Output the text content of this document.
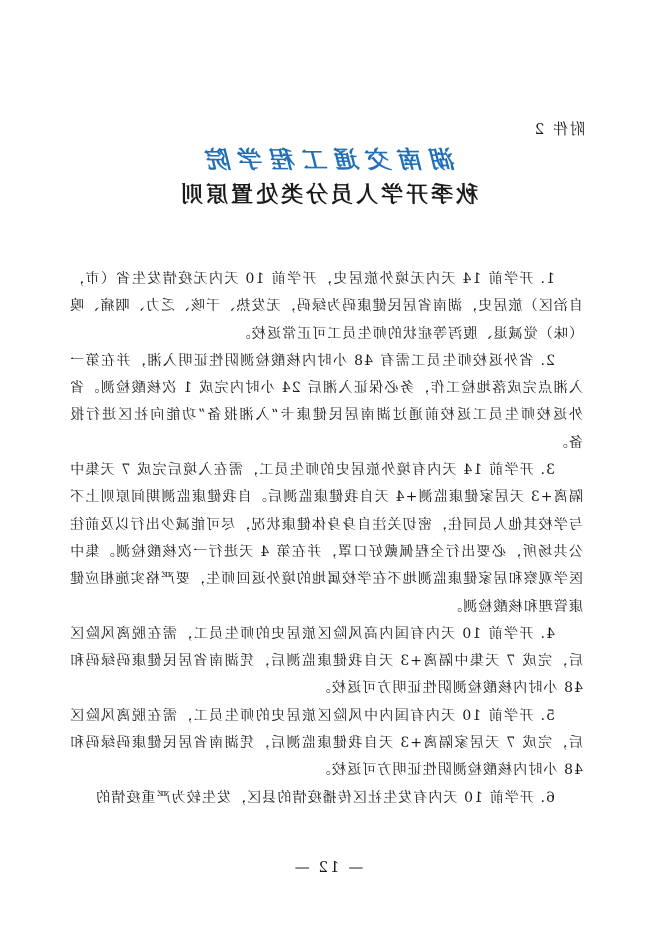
附件 2
湖南交通工程学院
秋季开学人员分类处置原则

1. 开学前 14 天内无境外旅居史，开学前 10 天内无疫情发生省（市，自治区）旅居史，湖南省居民健康码为绿码，无发热、干咳、乏力、咽痛、嗅（味）觉减退、腹泻等症状的师生员工可正常返校。

2. 省外返校师生员工需有 48 小时内核酸检测阴性证明入湘，并在第一入湘点完成落地检工作，务必保证入湘后 24 小时内完成 1 次核酸检测。省外返校师生员工返校前通过湖南居民健康卡“入湘报备”功能向社区进行报备。

3. 开学前 14 天内有境外旅居史的师生员工，需在入境后完成 7 天集中隔离+3 天居家健康监测+4 天自我健康监测后。自我健康监测期间原则上不与学校其他人员同住，密切关注自身身体健康状况，尽可能减少出行以及前往公共场所，必要出行全程佩戴好口罩，并在第 4 天进行一次核酸检测。集中医学观察和居家健康监测地不在学校属地的境外返回师生，要严格实施相应健康管理和核酸检测。

4. 开学前 10 天内有国内高风险区旅居史的师生员工，需在脱离风险区后，完成 7 天集中隔离+3 天自我健康监测后，凭湖南省居民健康码绿码和 48 小时内核酸检测阴性证明方可返校。

5. 开学前 10 天内有国内中风险区旅居史的师生员工，需在脱离风险区后，完成 7 天居家隔离+3 天自我健康监测后，凭湖南省居民健康码绿码和 48 小时内核酸检测阴性证明方可返校。

6. 开学前 10 天内有发生社区传播疫情的县区，发生较为严重疫情的

— 12 —
